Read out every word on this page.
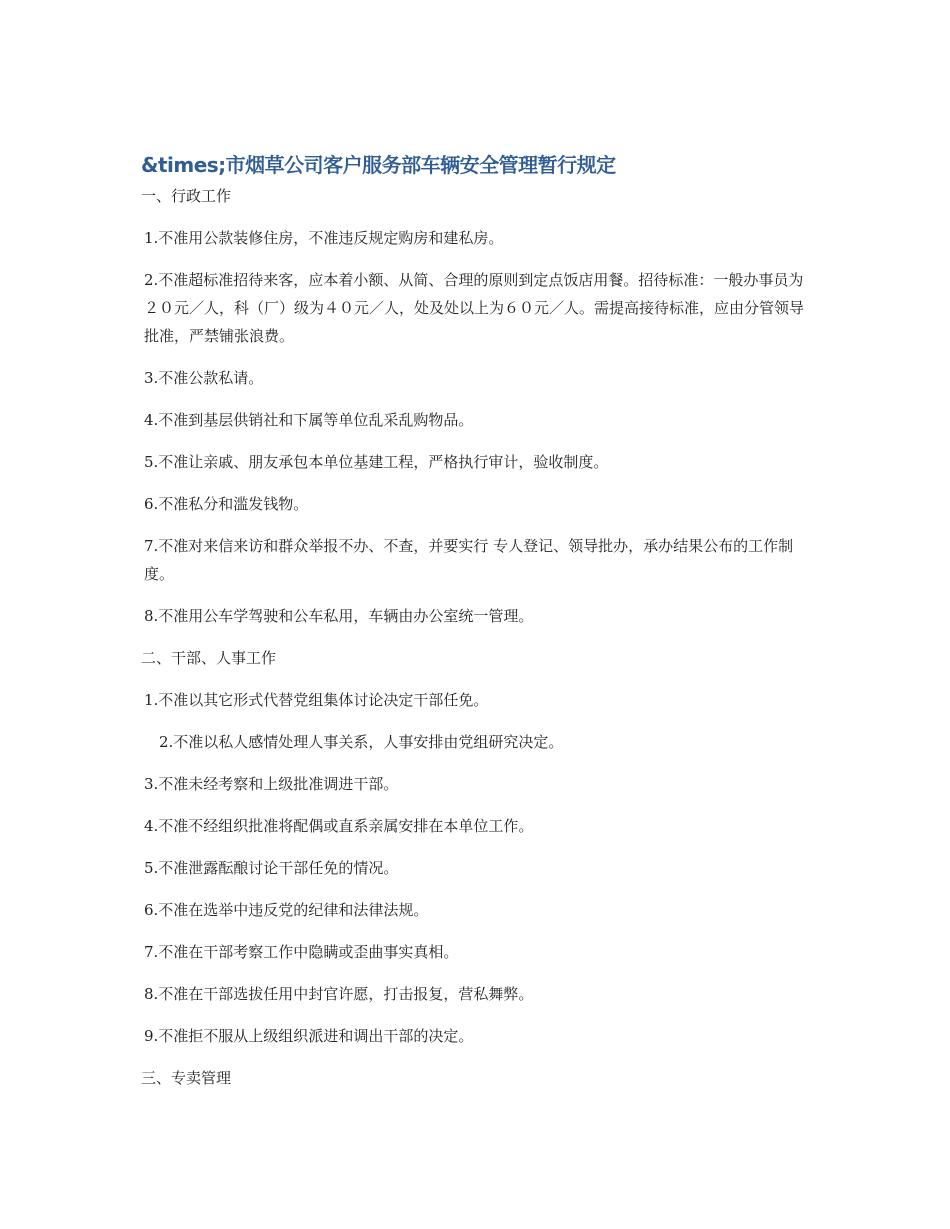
&times;市烟草公司客户服务部车辆安全管理暂行规定
一、行政工作

1.不准用公款装修住房，不准违反规定购房和建私房。

2.不准超标准招待来客，应本着小额、从简、合理的原则到定点饭店用餐。招待标准：一般办事员为２０元／人，科（厂）级为４０元／人，处及处以上为６０元／人。需提高接待标准，应由分管领导批准，严禁铺张浪费。

3.不准公款私请。

4.不准到基层供销社和下属等单位乱采乱购物品。

5.不准让亲戚、朋友承包本单位基建工程，严格执行审计，验收制度。

6.不准私分和滥发钱物。

7.不准对来信来访和群众举报不办、不查，并要实行 专人登记、领导批办，承办结果公布的工作制度。

8.不准用公车学驾驶和公车私用，车辆由办公室统一管理。

二、干部、人事工作

1.不准以其它形式代替党组集体讨论决定干部任免。

2.不准以私人感情处理人事关系，人事安排由党组研究决定。

3.不准未经考察和上级批准调进干部。

4.不准不经组织批准将配偶或直系亲属安排在本单位工作。

5.不准泄露酝酿讨论干部任免的情况。

6.不准在选举中违反党的纪律和法律法规。

7.不准在干部考察工作中隐瞒或歪曲事实真相。

8.不准在干部选拔任用中封官许愿，打击报复，营私舞弊。

9.不准拒不服从上级组织派进和调出干部的决定。

三、专卖管理
